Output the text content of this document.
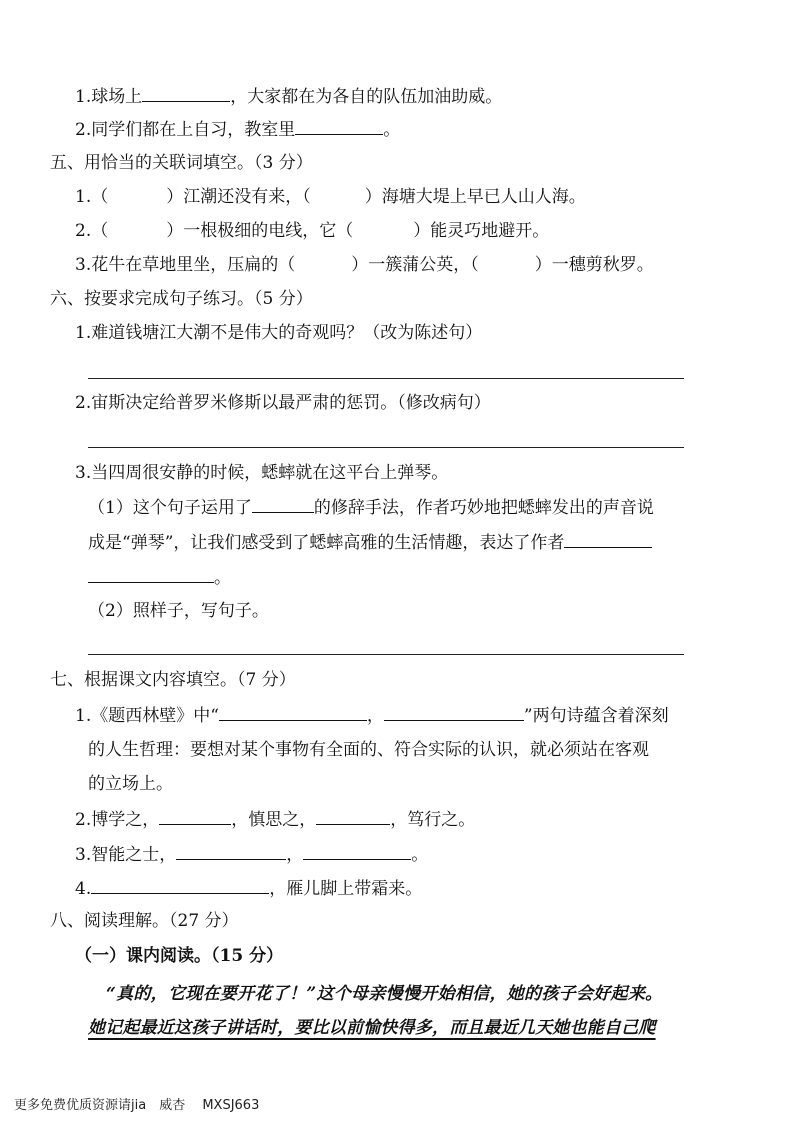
1.球场上	，大家都在为各自的队伍加油助威。
2.同学们都在上自习，教室里	。
五、用恰当的关联词填空。（3 分）
1.（	）江潮还没有来，（	）海塘大堤上早已人山人海。
2.（	）一根极细的电线，它（	）能灵巧地避开。
3.花牛在草地里坐，压扁的（	）一簇蒲公英，（	）一穗剪秋罗。
六、按要求完成句子练习。（5 分）
1.难道钱塘江大潮不是伟大的奇观吗？（改为陈述句）
2.宙斯决定给普罗米修斯以最严肃的惩罚。（修改病句）
3.当四周很安静的时候，蟋蟀就在这平台上弹琴。
（1）这个句子运用了	的修辞手法，作者巧妙地把蟋蟀发出的声音说
成是“弹琴”，让我们感受到了蟋蟀高雅的生活情趣，表达了作者
。
（2）照样子，写句子。
七、根据课文内容填空。（7 分）
1.《题西林壁》中“	，	”两句诗蕴含着深刻
的人生哲理：要想对某个事物有全面的、符合实际的认识，就必须站在客观
的立场上。
2.博学之，	，慎思之，	，笃行之。
3.智能之士，	，	。
4.	，雁儿脚上带霜来。
八、阅读理解。（27 分）
（一）课内阅读。（15 分）
“真的，它现在要开花了！”这个母亲慢慢开始相信，她的孩子会好起来。
她记起最近这孩子讲话时，要比以前愉快得多，而且最近几天她也能自己爬
更多免费优质资源请jia　威杏　 MXSJ663
